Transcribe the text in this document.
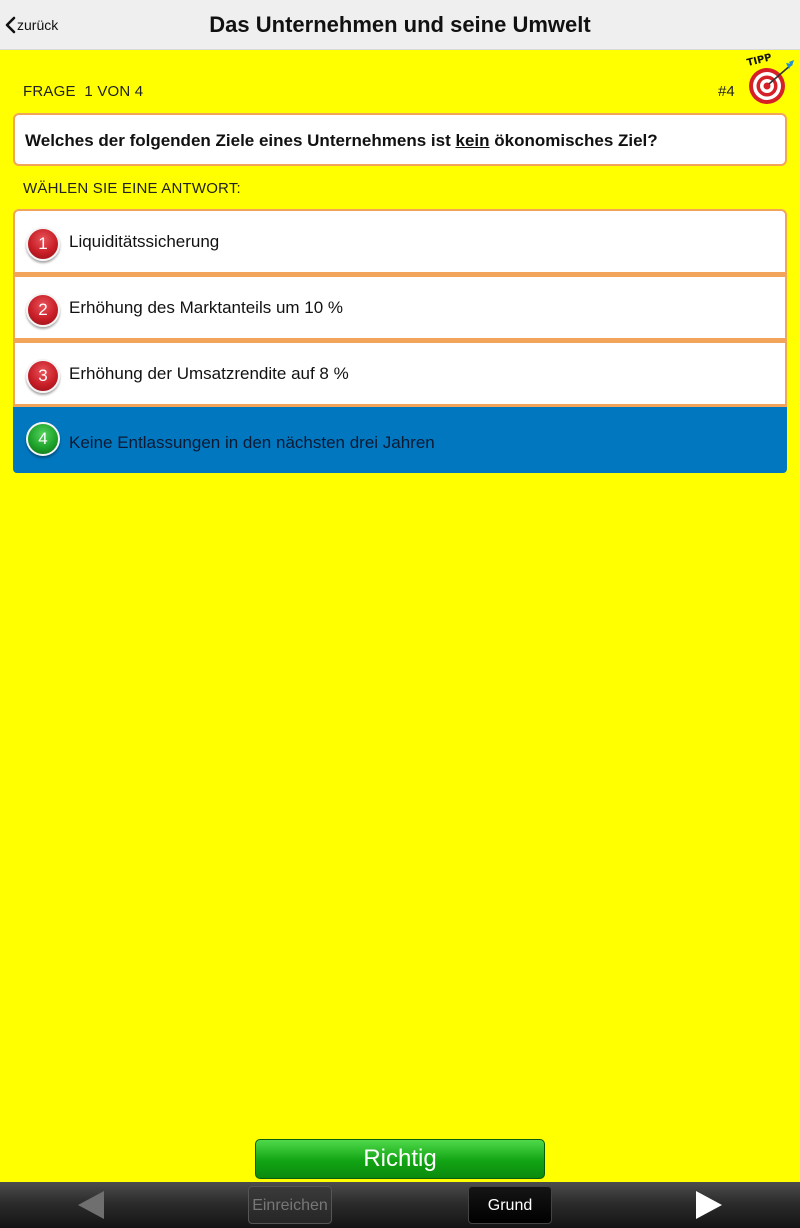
zurück	Das Unternehmen und seine Umwelt
FRAGE  1 VON 4	#4
TIPP
Welches der folgenden Ziele eines Unternehmens ist kein ökonomisches Ziel?
WÄHLEN SIE EINE ANTWORT:
1	Liquiditätssicherung
2	Erhöhung des Marktanteils um 10 %
3	Erhöhung der Umsatzrendite auf 8 %
4	Keine Entlassungen in den nächsten drei Jahren
Richtig
Einreichen	Grund
